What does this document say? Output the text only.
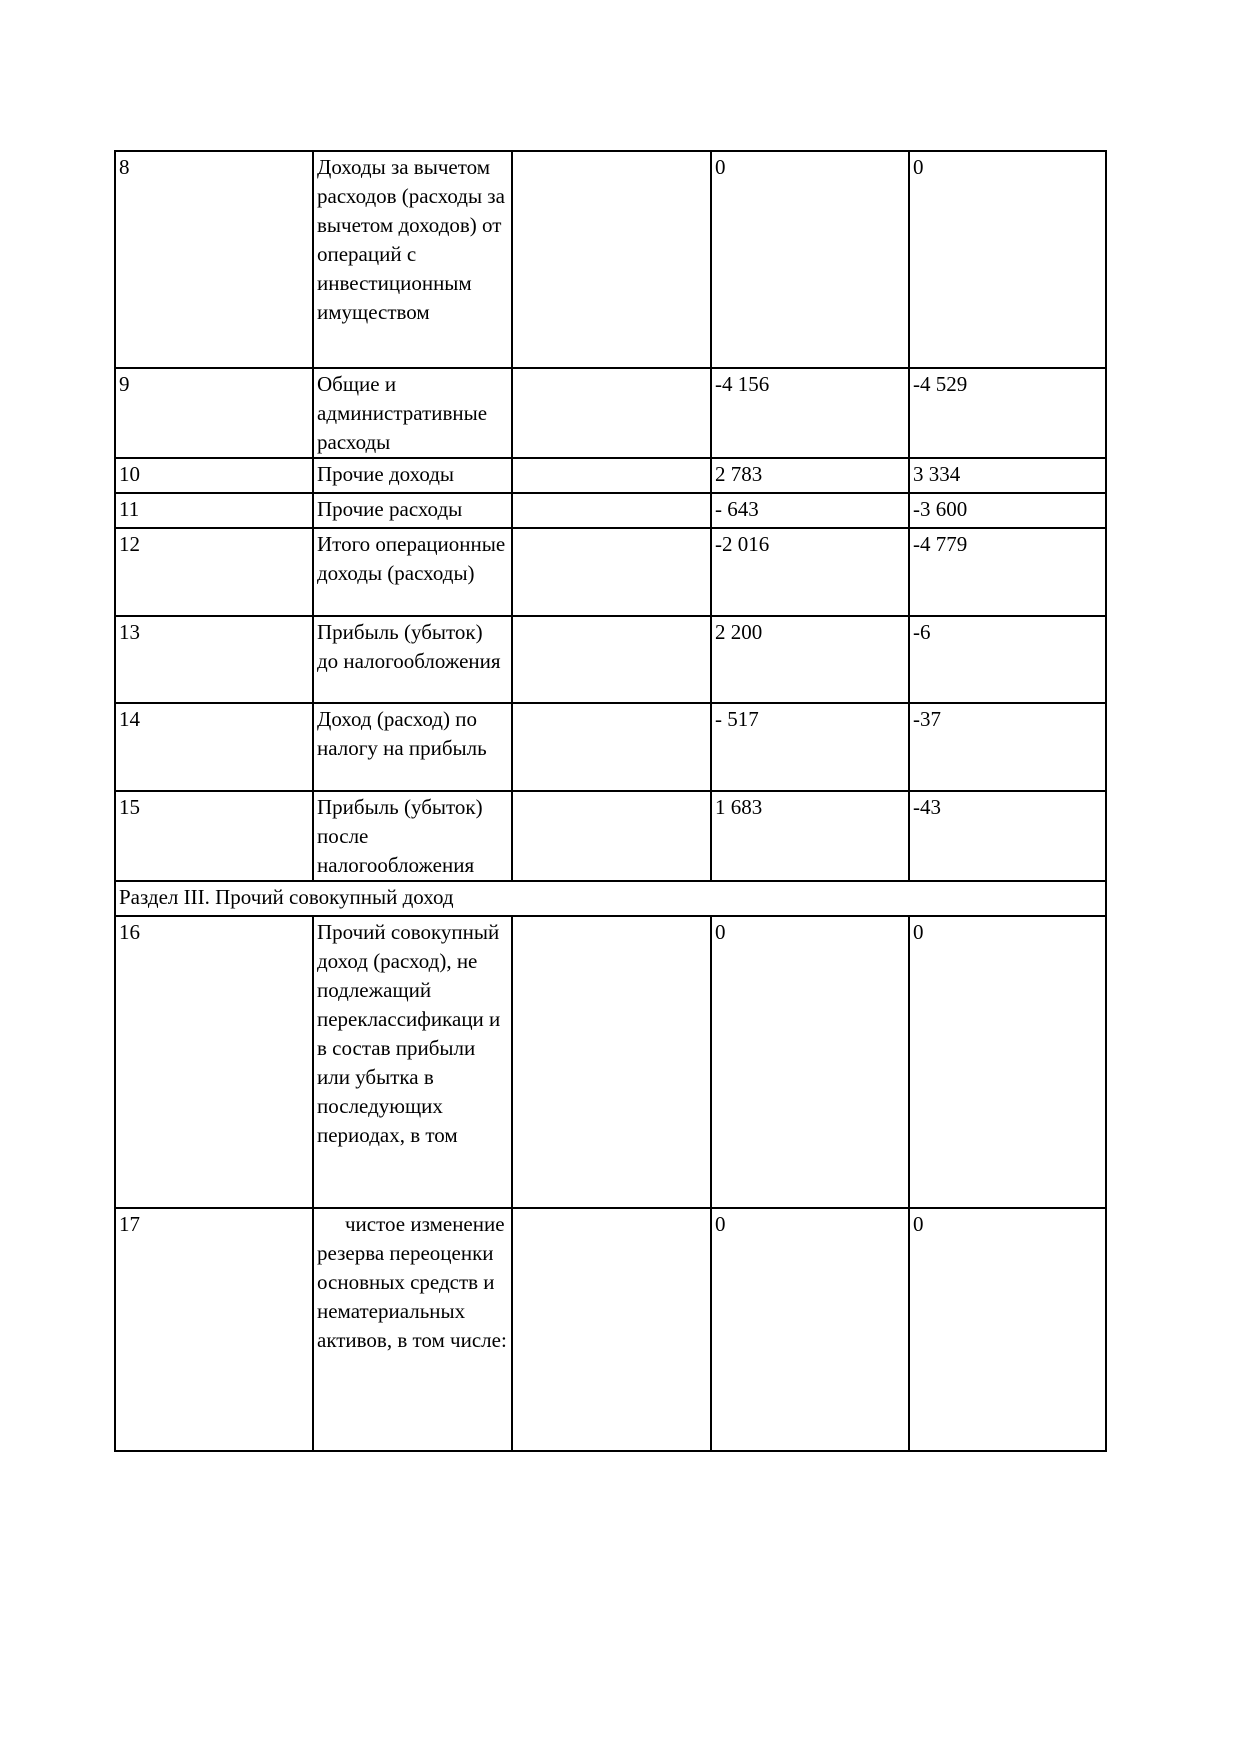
8	Доходы за вычетом расходов (расходы за вычетом доходов) от операций с инвестиционным имуществом		0	0
9	Общие и административные расходы		-4 156	-4 529
10	Прочие доходы		2 783	3 334
11	Прочие расходы		- 643	-3 600
12	Итого операционные доходы (расходы)		-2 016	-4 779
13	Прибыль (убыток) до налогообложения		2 200	-6
14	Доход (расход) по налогу на прибыль		- 517	-37
15	Прибыль (убыток) после налогообложения		1 683	-43
Раздел III. Прочий совокупный доход				
16	Прочий совокупный доход (расход), не подлежащий переклассификаци и в состав прибыли или убытка в последующих периодах, в том		0	0
17	чистое изменение резерва переоценки основных средств и нематериальных активов, в том числе:		0	0
